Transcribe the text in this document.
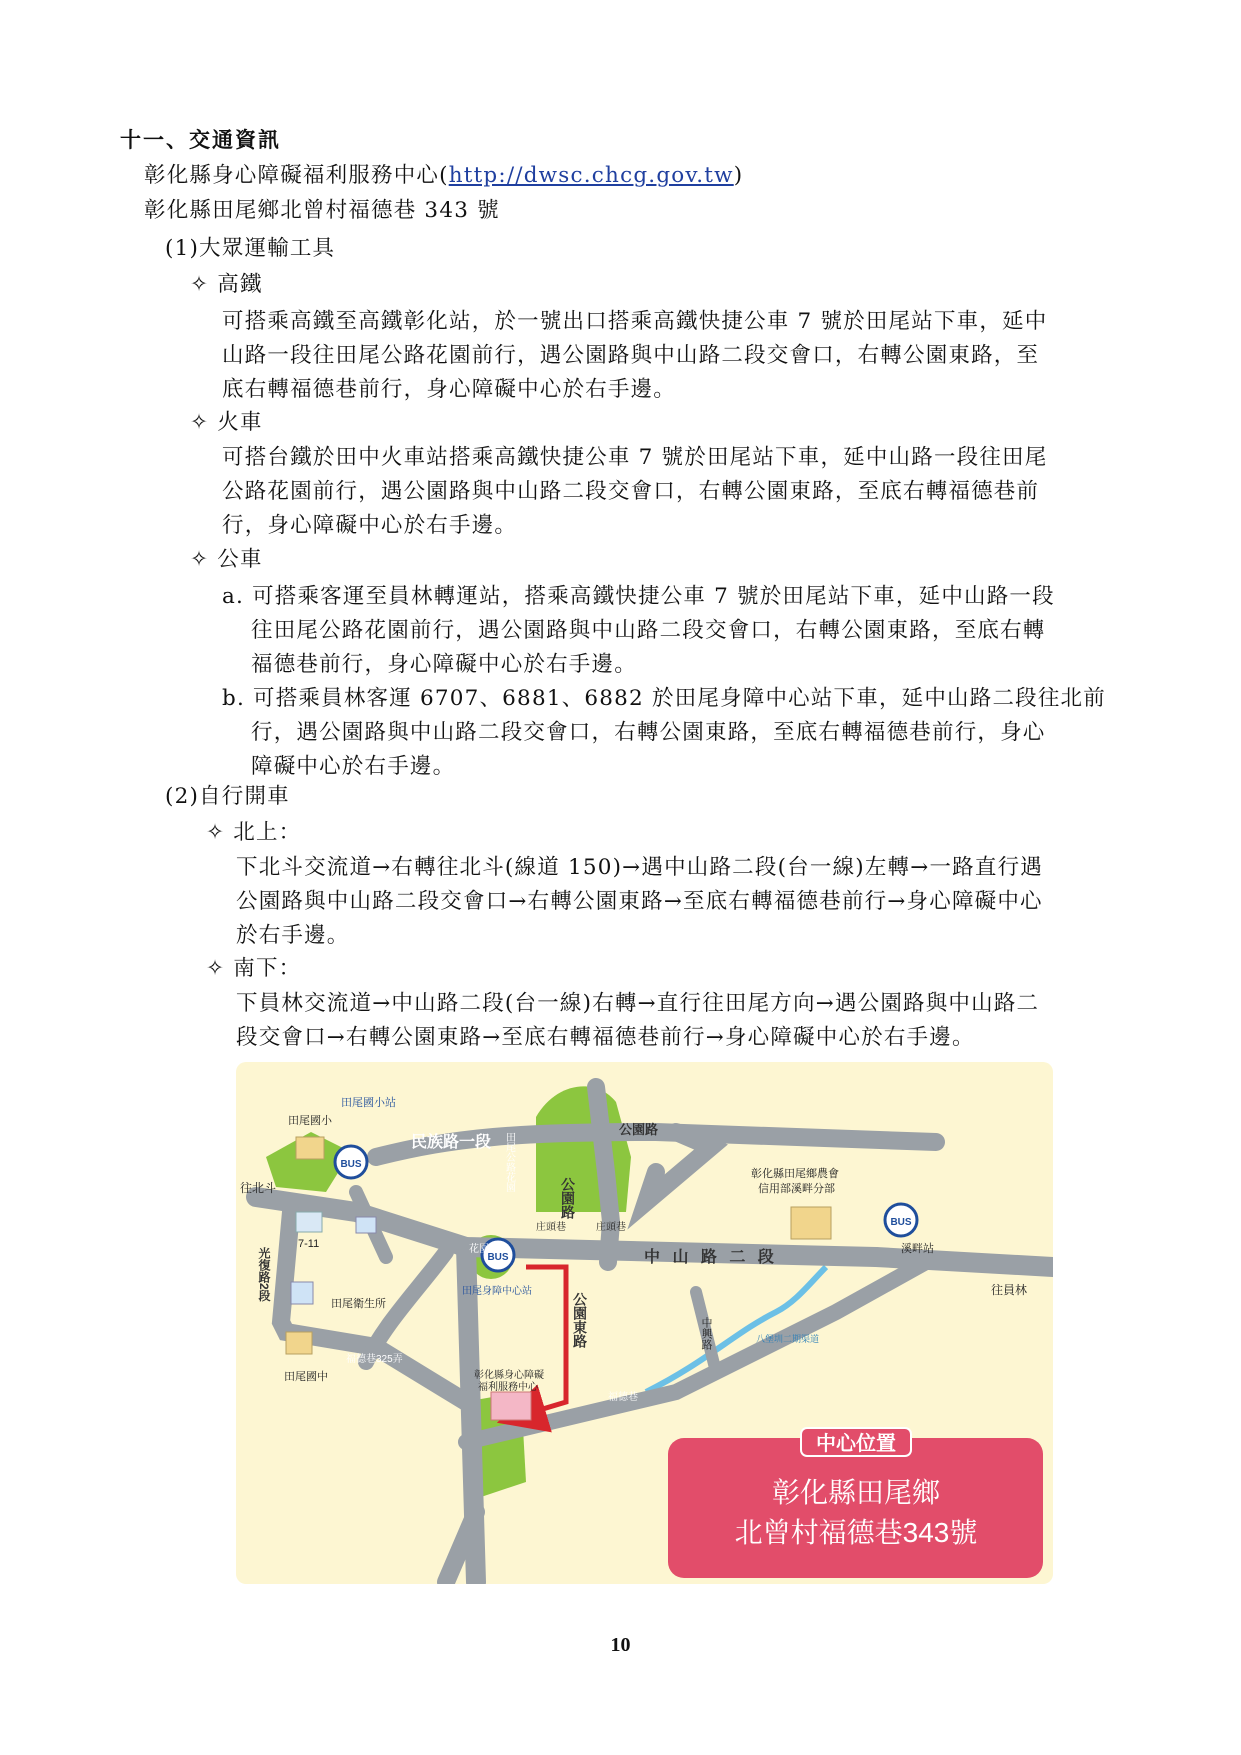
十一、交通資訊
彰化縣身心障礙福利服務中心(http://dwsc.chcg.gov.tw)
彰化縣田尾鄉北曾村福德巷 343 號
(1)大眾運輸工具
✧ 高鐵
可搭乘高鐵至高鐵彰化站，於一號出口搭乘高鐵快捷公車 7 號於田尾站下車，延中
山路一段往田尾公路花園前行，遇公園路與中山路二段交會口，右轉公園東路，至
底右轉福德巷前行，身心障礙中心於右手邊。
✧ 火車
可搭台鐵於田中火車站搭乘高鐵快捷公車 7 號於田尾站下車，延中山路一段往田尾
公路花園前行，遇公園路與中山路二段交會口，右轉公園東路，至底右轉福德巷前
行，身心障礙中心於右手邊。
✧ 公車
a. 可搭乘客運至員林轉運站，搭乘高鐵快捷公車 7 號於田尾站下車，延中山路一段
往田尾公路花園前行，遇公園路與中山路二段交會口，右轉公園東路，至底右轉
福德巷前行，身心障礙中心於右手邊。
b. 可搭乘員林客運 6707、6881、6882 於田尾身障中心站下車，延中山路二段往北前
行，遇公園路與中山路二段交會口，右轉公園東路，至底右轉福德巷前行，身心
障礙中心於右手邊。
(2)自行開車
✧ 北上：
下北斗交流道→右轉往北斗(線道 150)→遇中山路二段(台一線)左轉→一路直行遇
公園路與中山路二段交會口→右轉公園東路→至底右轉福德巷前行→身心障礙中心
於右手邊。
✧ 南下：
下員林交流道→中山路二段(台一線)右轉→直行往田尾方向→遇公園路與中山路二
段交會口→右轉公園東路→至底右轉福德巷前行→身心障礙中心於右手邊。
BUS
BUS
BUS
田尾國小站
田尾國小
民族路一段
公園路
往北斗
7-11
光復路2段
田尾公路花園
花園夜市
公園路
庄頭巷	庄頭巷
彰化縣田尾鄉農會
信用部溪畔分部
溪畔站
中 山 路 二 段
往員林
田尾衛生所
田尾身障中心站
公園東路	中興路	八堡圳二期渠道
福德巷325弄
彰化縣身心障礙
福利服務中心
田尾國中
福德巷
中心位置
彰化縣田尾鄉
北曾村福德巷343號
10
